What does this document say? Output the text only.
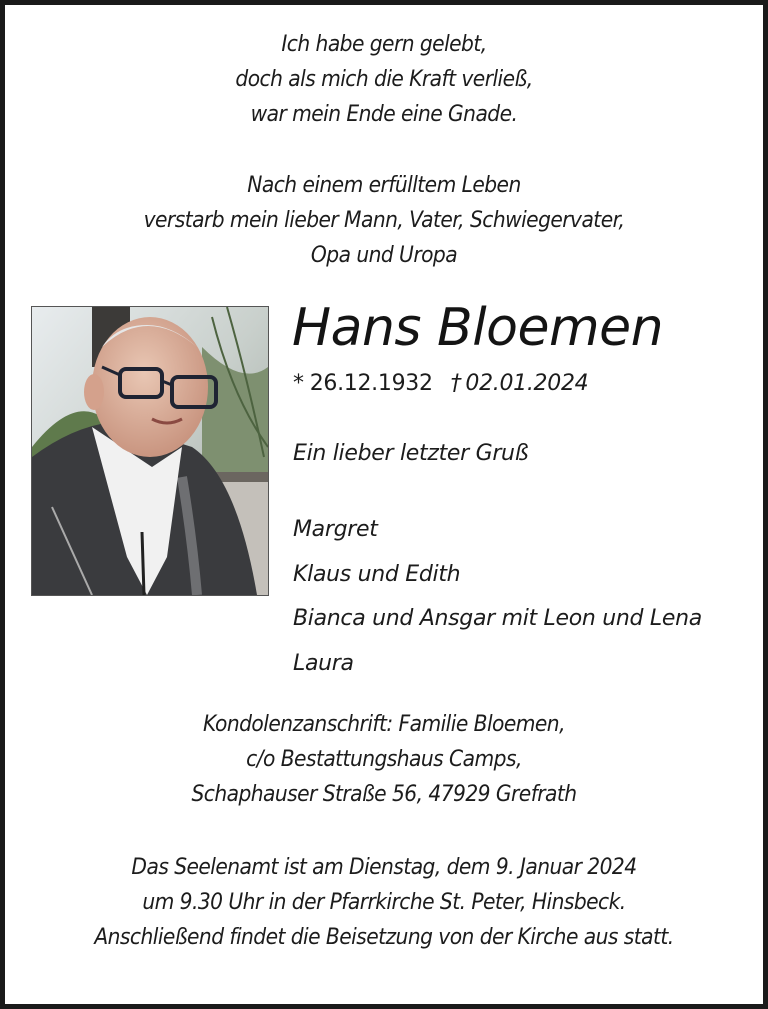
Ich habe gern gelebt,
doch als mich die Kraft verließ,
war mein Ende eine Gnade.
Nach einem erfülltem Leben
verstarb mein lieber Mann, Vater, Schwiegervater,
Opa und Uropa
Hans Bloemen
* 26.12.1932 † 02.01.2024
Ein lieber letzter Gruß
Margret
Klaus und Edith
Bianca und Ansgar mit Leon und Lena
Laura
Kondolenzanschrift: Familie Bloemen,
c/o Bestattungshaus Camps,
Schaphauser Straße 56, 47929 Grefrath
Das Seelenamt ist am Dienstag, dem 9. Januar 2024
um 9.30 Uhr in der Pfarrkirche St. Peter, Hinsbeck.
Anschließend findet die Beisetzung von der Kirche aus statt.
